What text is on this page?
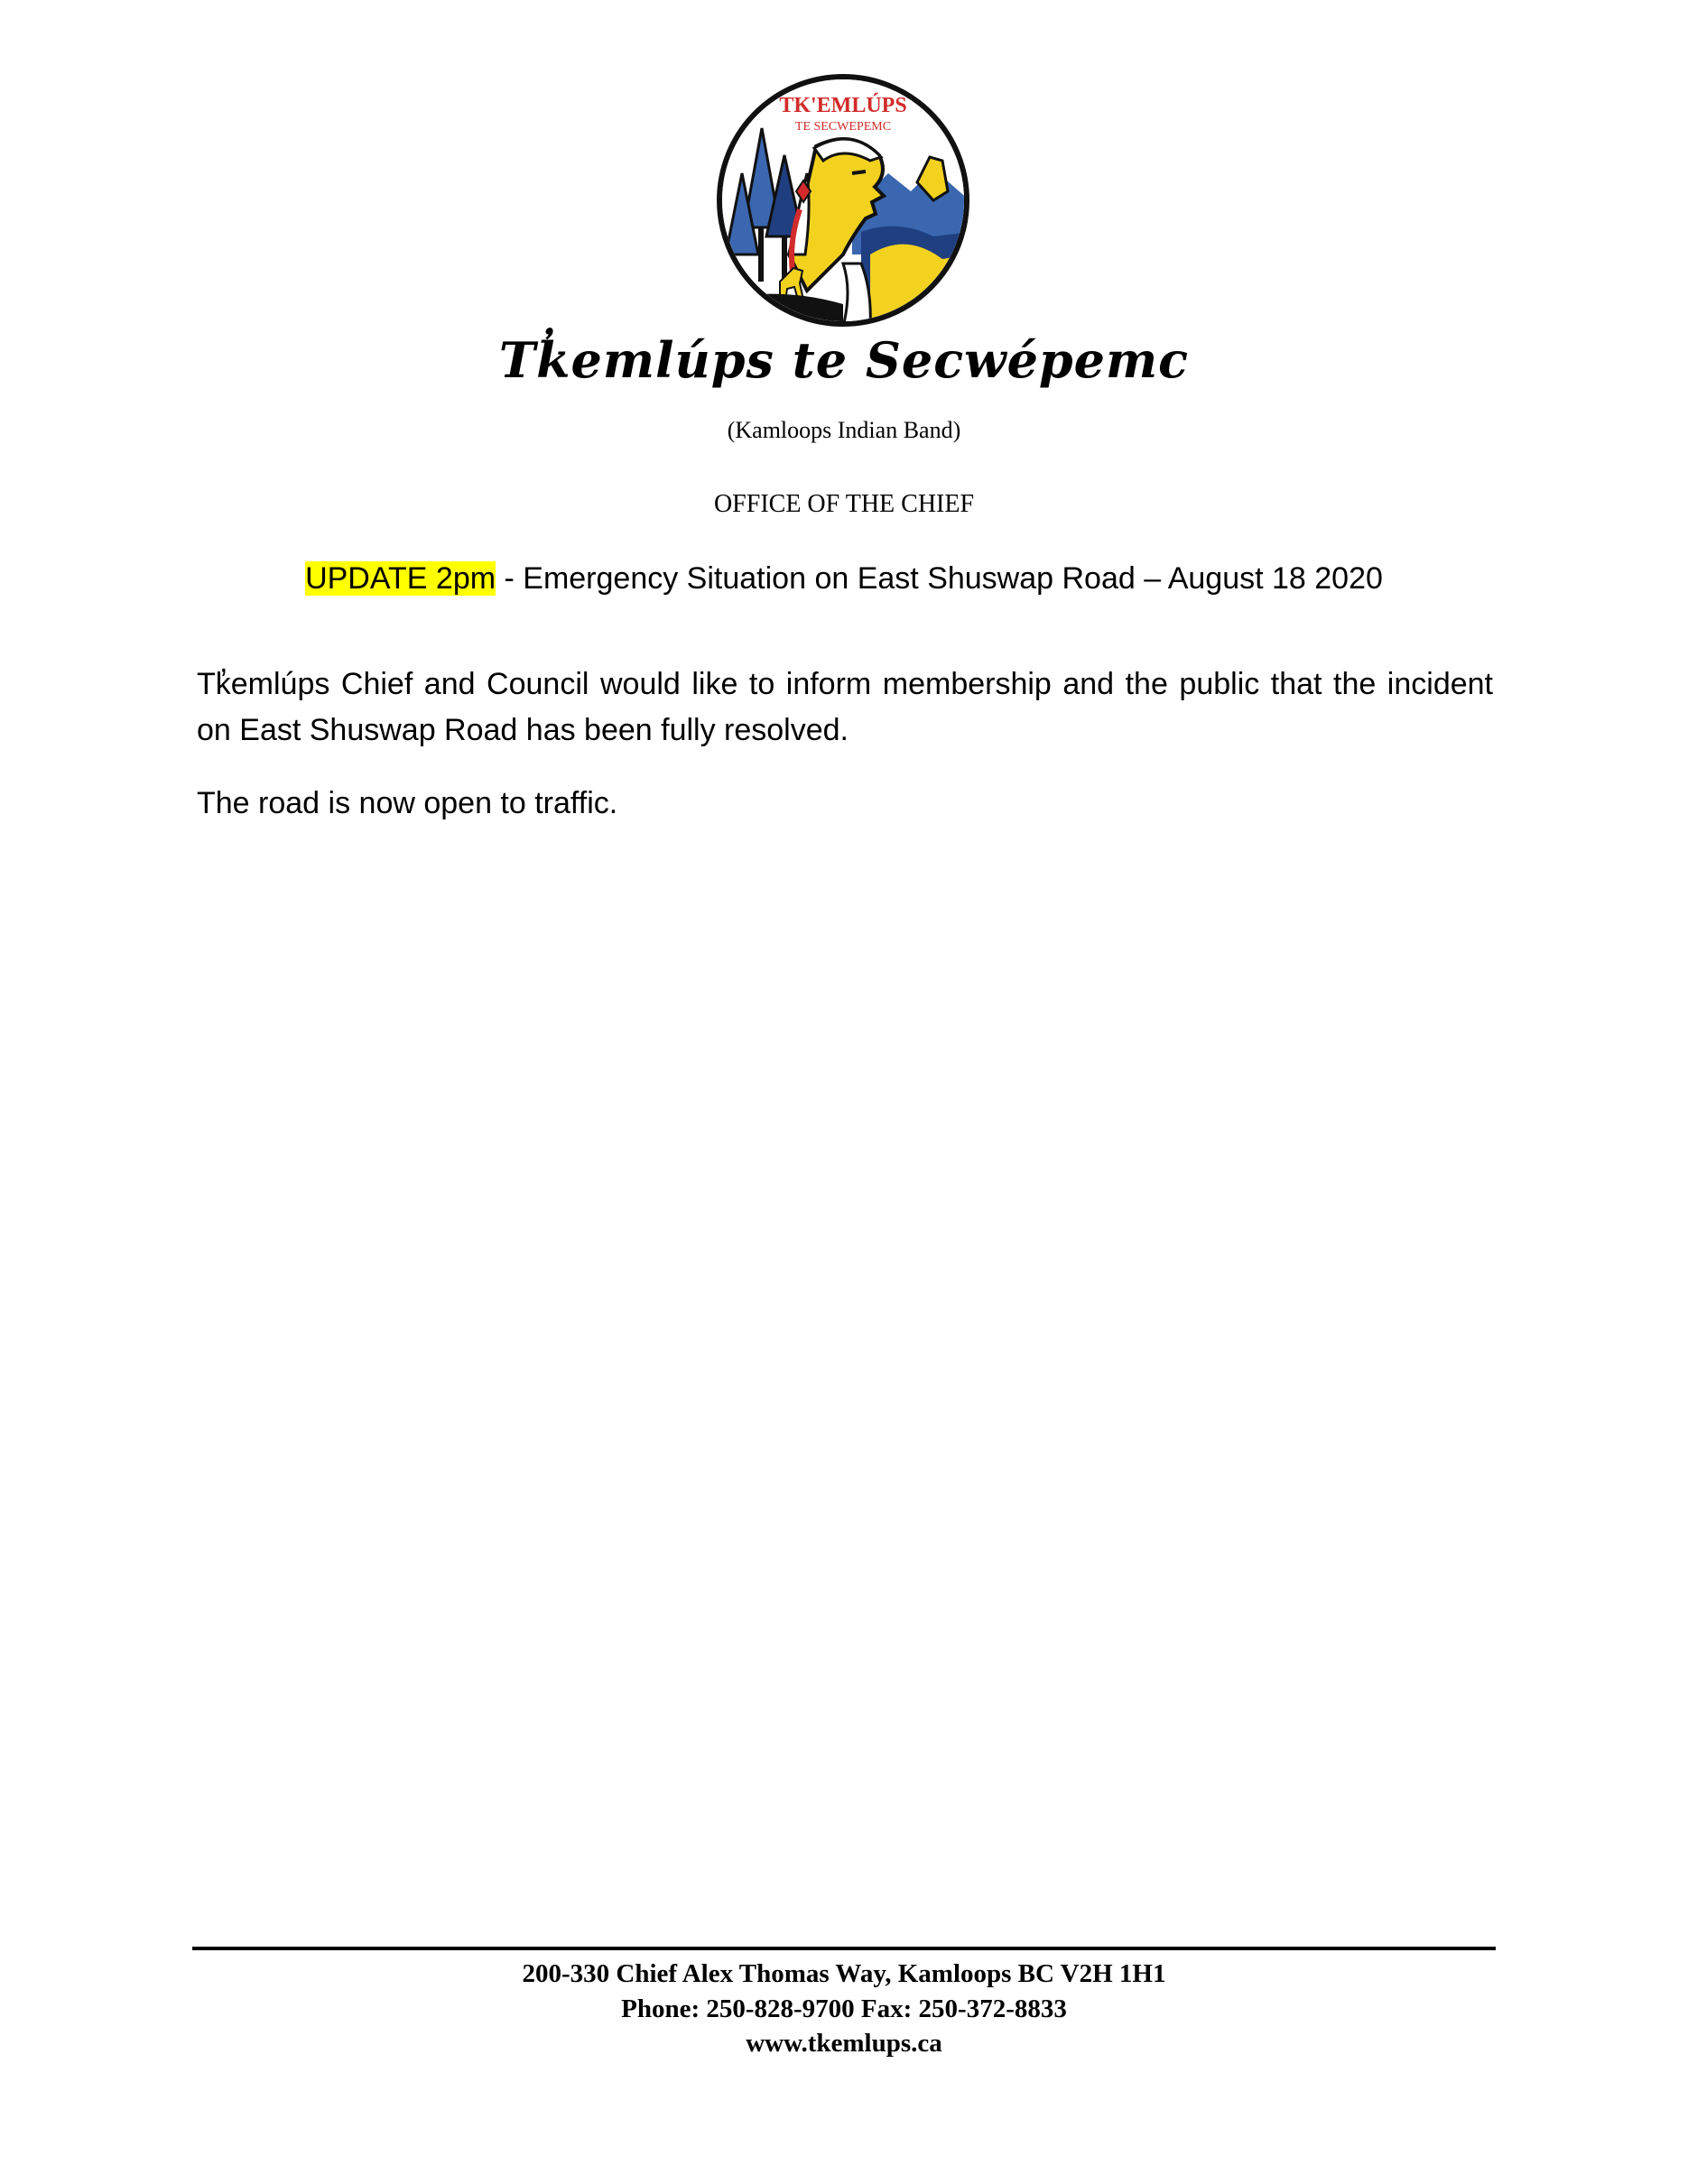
TK'EMLÚPS
TE SECWEPEMC
Tk̓emlúps te Secwépemc
(Kamloops Indian Band)
OFFICE OF THE CHIEF
UPDATE 2pm - Emergency Situation on East Shuswap Road – August 18 2020
Tk̓emlúps Chief and Council would like to inform membership and the public that the incident on East Shuswap Road has been fully resolved.
The road is now open to traffic.
200-330 Chief Alex Thomas Way, Kamloops BC V2H 1H1
Phone: 250-828-9700 Fax: 250-372-8833
www.tkemlups.ca
